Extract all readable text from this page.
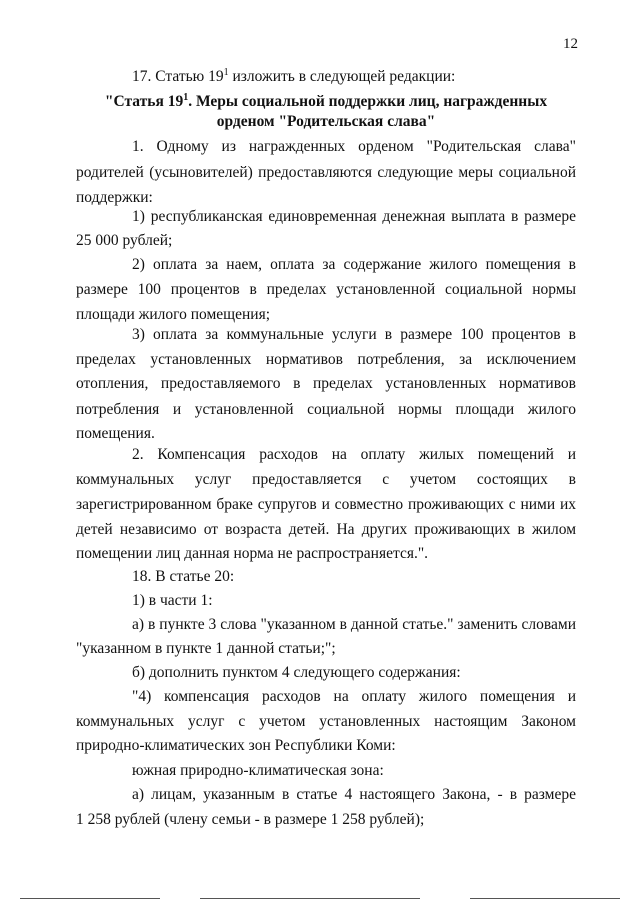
12
17. Статью $19^1$ изложить в следующей редакции:
"Статья $19^1$. Меры социальной поддержки лиц, награжденных
орденом "Родительская слава"
1. Одному из награжденных орденом "Родительская слава"
родителей (усыновителей) предоставляются следующие меры социальной
поддержки:
1) республиканская единовременная денежная выплата в размере
25 000 рублей;
2) оплата за наем, оплата за содержание жилого помещения в
размере 100 процентов в пределах установленной социальной нормы
площади жилого помещения;
3) оплата за коммунальные услуги в размере 100 процентов в
пределах установленных нормативов потребления, за исключением
отопления, предоставляемого в пределах установленных нормативов
потребления и установленной социальной нормы площади жилого
помещения.
2. Компенсация расходов на оплату жилых помещений и
коммунальных услуг предоставляется с учетом состоящих в
зарегистрированном браке супругов и совместно проживающих с ними их
детей независимо от возраста детей. На других проживающих в жилом
помещении лиц данная норма не распространяется.".
18. В статье 20:
1) в части 1:
а) в пункте 3 слова "указанном в данной статье." заменить словами
"указанном в пункте 1 данной статьи;";
б) дополнить пунктом 4 следующего содержания:
"4) компенсация расходов на оплату жилого помещения и
коммунальных услуг с учетом установленных настоящим Законом
природно-климатических зон Республики Коми:
южная природно-климатическая зона:
а) лицам, указанным в статье 4 настоящего Закона, - в размере
1 258 рублей (члену семьи - в размере 1 258 рублей);
